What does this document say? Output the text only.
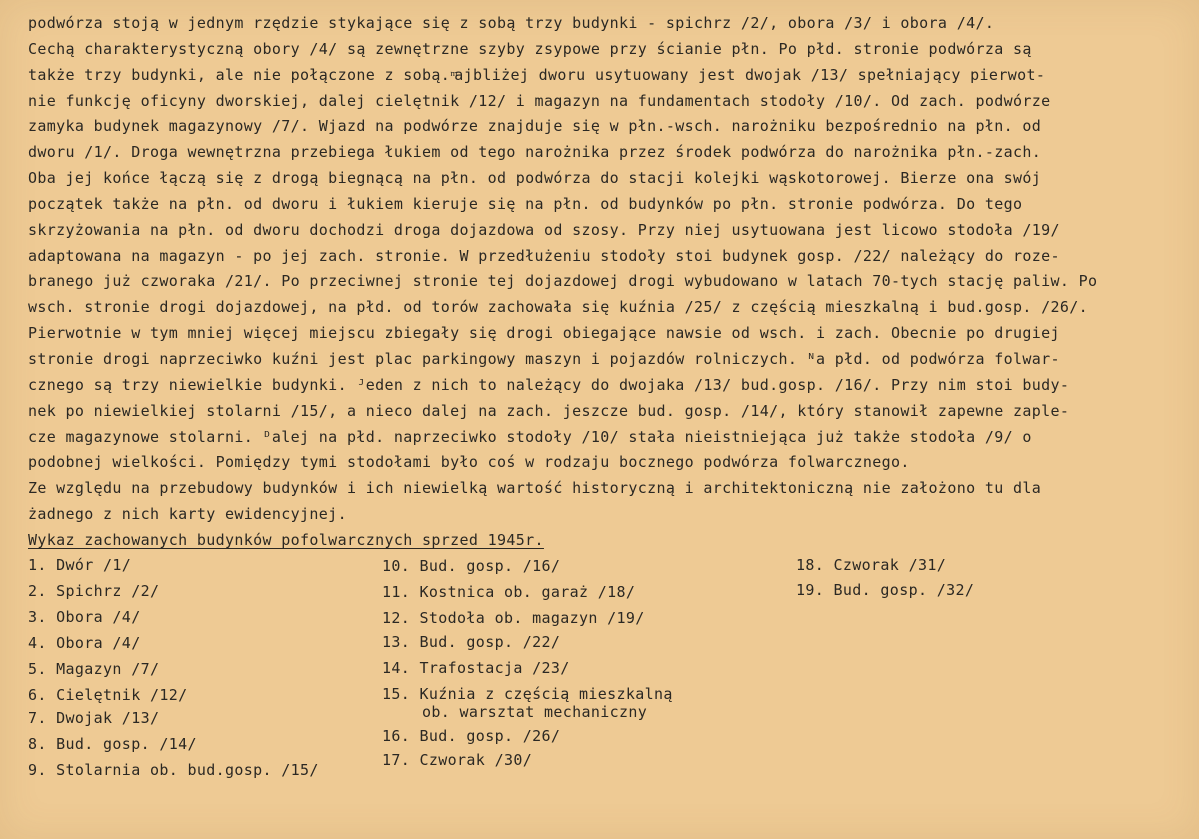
podwórza stoją w jednym rzędzie stykające się z sobą trzy budynki - spichrz /2/, obora /3/ i obora /4/.
Cechą charakterystyczną obory /4/ są zewnętrzne szyby zsypowe przy ścianie płn. Po płd. stronie podwórza są
także trzy budynki, ale nie połączone z sobą. ͫajbliżej dworu usytuowany jest dwojak /13/ spełniający pierwot-
nie funkcję oficyny dworskiej, dalej cielętnik /12/ i magazyn na fundamentach stodoły /10/. Od zach. podwórze
zamyka budynek magazynowy /7/. Wjazd na podwórze znajduje się w płn.-wsch. narożniku bezpośrednio na płn. od
dworu /1/. Droga wewnętrzna przebiega łukiem od tego narożnika przez środek podwórza do narożnika płn.-zach.
Oba jej końce łączą się z drogą biegnącą na płn. od podwórza do stacji kolejki wąskotorowej. Bierze ona swój
początek także na płn. od dworu i łukiem kieruje się na płn. od budynków po płn. stronie podwórza. Do tego
skrzyżowania na płn. od dworu dochodzi droga dojazdowa od szosy. Przy niej usytuowana jest licowo stodoła /19/
adaptowana na magazyn - po jej zach. stronie. W przedłużeniu stodoły stoi budynek gosp. /22/ należący do roze-
branego już czworaka /21/. Po przeciwnej stronie tej dojazdowej drogi wybudowano w latach 70-tych stację paliw. Po
wsch. stronie drogi dojazdowej, na płd. od torów zachowała się kuźnia /25/ z częścią mieszkalną i bud.gosp. /26/.
Pierwotnie w tym mniej więcej miejscu zbiegały się drogi obiegające nawsie od wsch. i zach. Obecnie po drugiej
stronie drogi naprzeciwko kuźni jest plac parkingowy maszyn i pojazdów rolniczych. ᴺa płd. od podwórza folwar-
cznego są trzy niewielkie budynki. ᴶeden z nich to należący do dwojaka /13/ bud.gosp. /16/. Przy nim stoi budy-
nek po niewielkiej stolarni /15/, a nieco dalej na zach. jeszcze bud. gosp. /14/, który stanowił zapewne zaple-
cze magazynowe stolarni. ᴰalej na płd. naprzeciwko stodoły /10/ stała nieistniejąca już także stodoła /9/ o
podobnej wielkości. Pomiędzy tymi stodołami było coś w rodzaju bocznego podwórza folwarcznego.
Ze względu na przebudowy budynków i ich niewielką wartość historyczną i architektoniczną nie założono tu dla
żadnego z nich karty ewidencyjnej.
Wykaz zachowanych budynków pofolwarcznych sprzed 1945r.
1. Dwór /1/
2. Spichrz /2/
3. Obora /4/
4. Obora /4/
5. Magazyn /7/
6. Cielętnik /12/
7. Dwojak /13/
8. Bud. gosp. /14/
9. Stolarnia ob. bud.gosp. /15/
10. Bud. gosp. /16/
11. Kostnica ob. garaż /18/
12. Stodoła ob. magazyn /19/
13. Bud. gosp. /22/
14. Trafostacja /23/
15. Kuźnia z częścią mieszkalną
ob. warsztat mechaniczny
16. Bud. gosp. /26/
17. Czworak /30/
18. Czworak /31/
19. Bud. gosp. /32/
